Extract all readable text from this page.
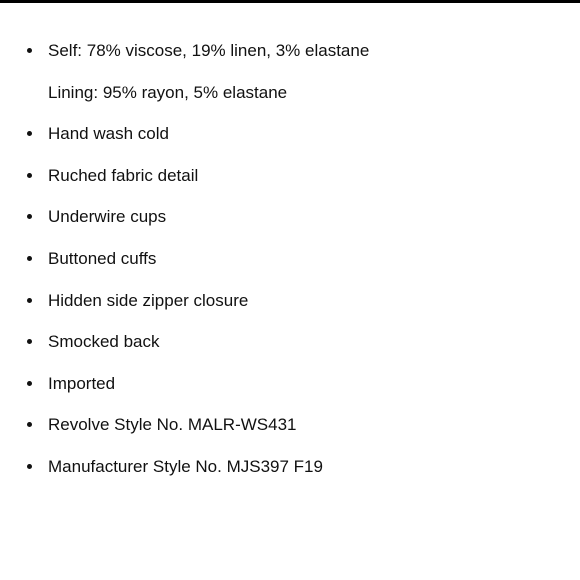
Self: 78% viscose, 19% linen, 3% elastane
Lining: 95% rayon, 5% elastane
Hand wash cold
Ruched fabric detail
Underwire cups
Buttoned cuffs
Hidden side zipper closure
Smocked back
Imported
Revolve Style No. MALR-WS431
Manufacturer Style No. MJS397 F19
